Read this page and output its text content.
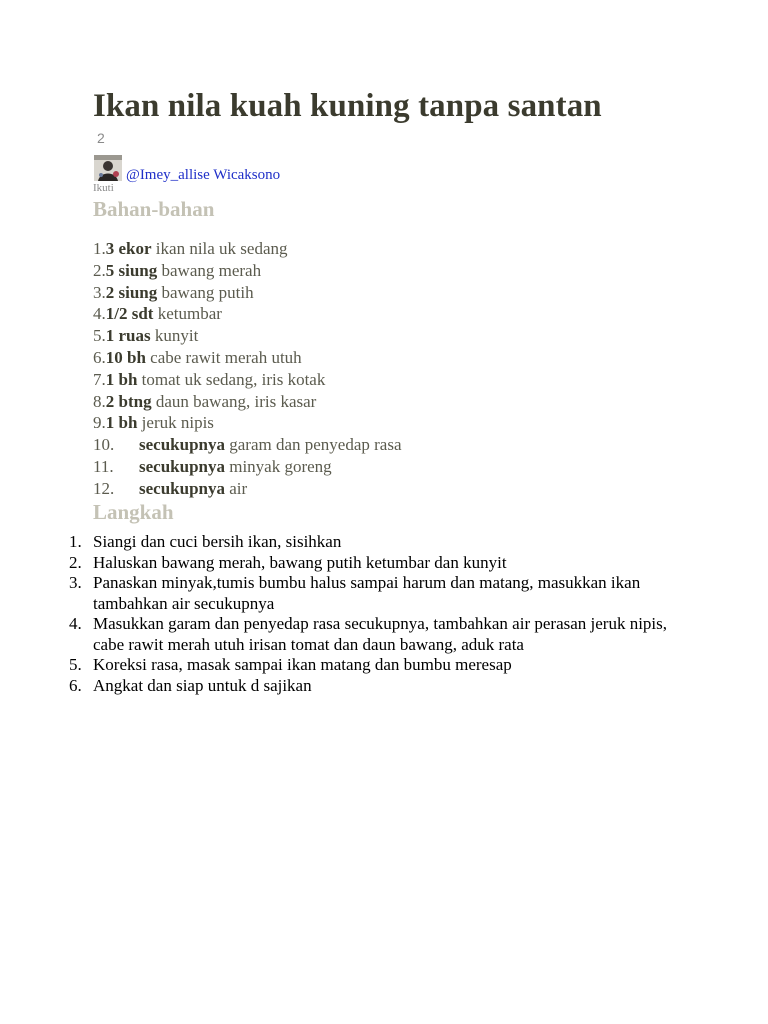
Ikan nila kuah kuning tanpa santan
2
@Imey_allise Wicaksono
Ikuti
Bahan-bahan
1.3 ekor ikan nila uk sedang
2.5 siung bawang merah
3.2 siung bawang putih
4.1/2 sdt ketumbar
5.1 ruas kunyit
6.10 bh cabe rawit merah utuh
7.1 bh tomat uk sedang, iris kotak
8.2 btng daun bawang, iris kasar
9.1 bh jeruk nipis
10. secukupnya garam dan penyedap rasa
11. secukupnya minyak goreng
12. secukupnya air
Langkah
1. Siangi dan cuci bersih ikan, sisihkan
2. Haluskan bawang merah, bawang putih ketumbar dan kunyit
3. Panaskan minyak,tumis bumbu halus sampai harum dan matang, masukkan ikan tambahkan air secukupnya
4. Masukkan garam dan penyedap rasa secukupnya, tambahkan air perasan jeruk nipis, cabe rawit merah utuh irisan tomat dan daun bawang, aduk rata
5. Koreksi rasa, masak sampai ikan matang dan bumbu meresap
6. Angkat dan siap untuk d sajikan
